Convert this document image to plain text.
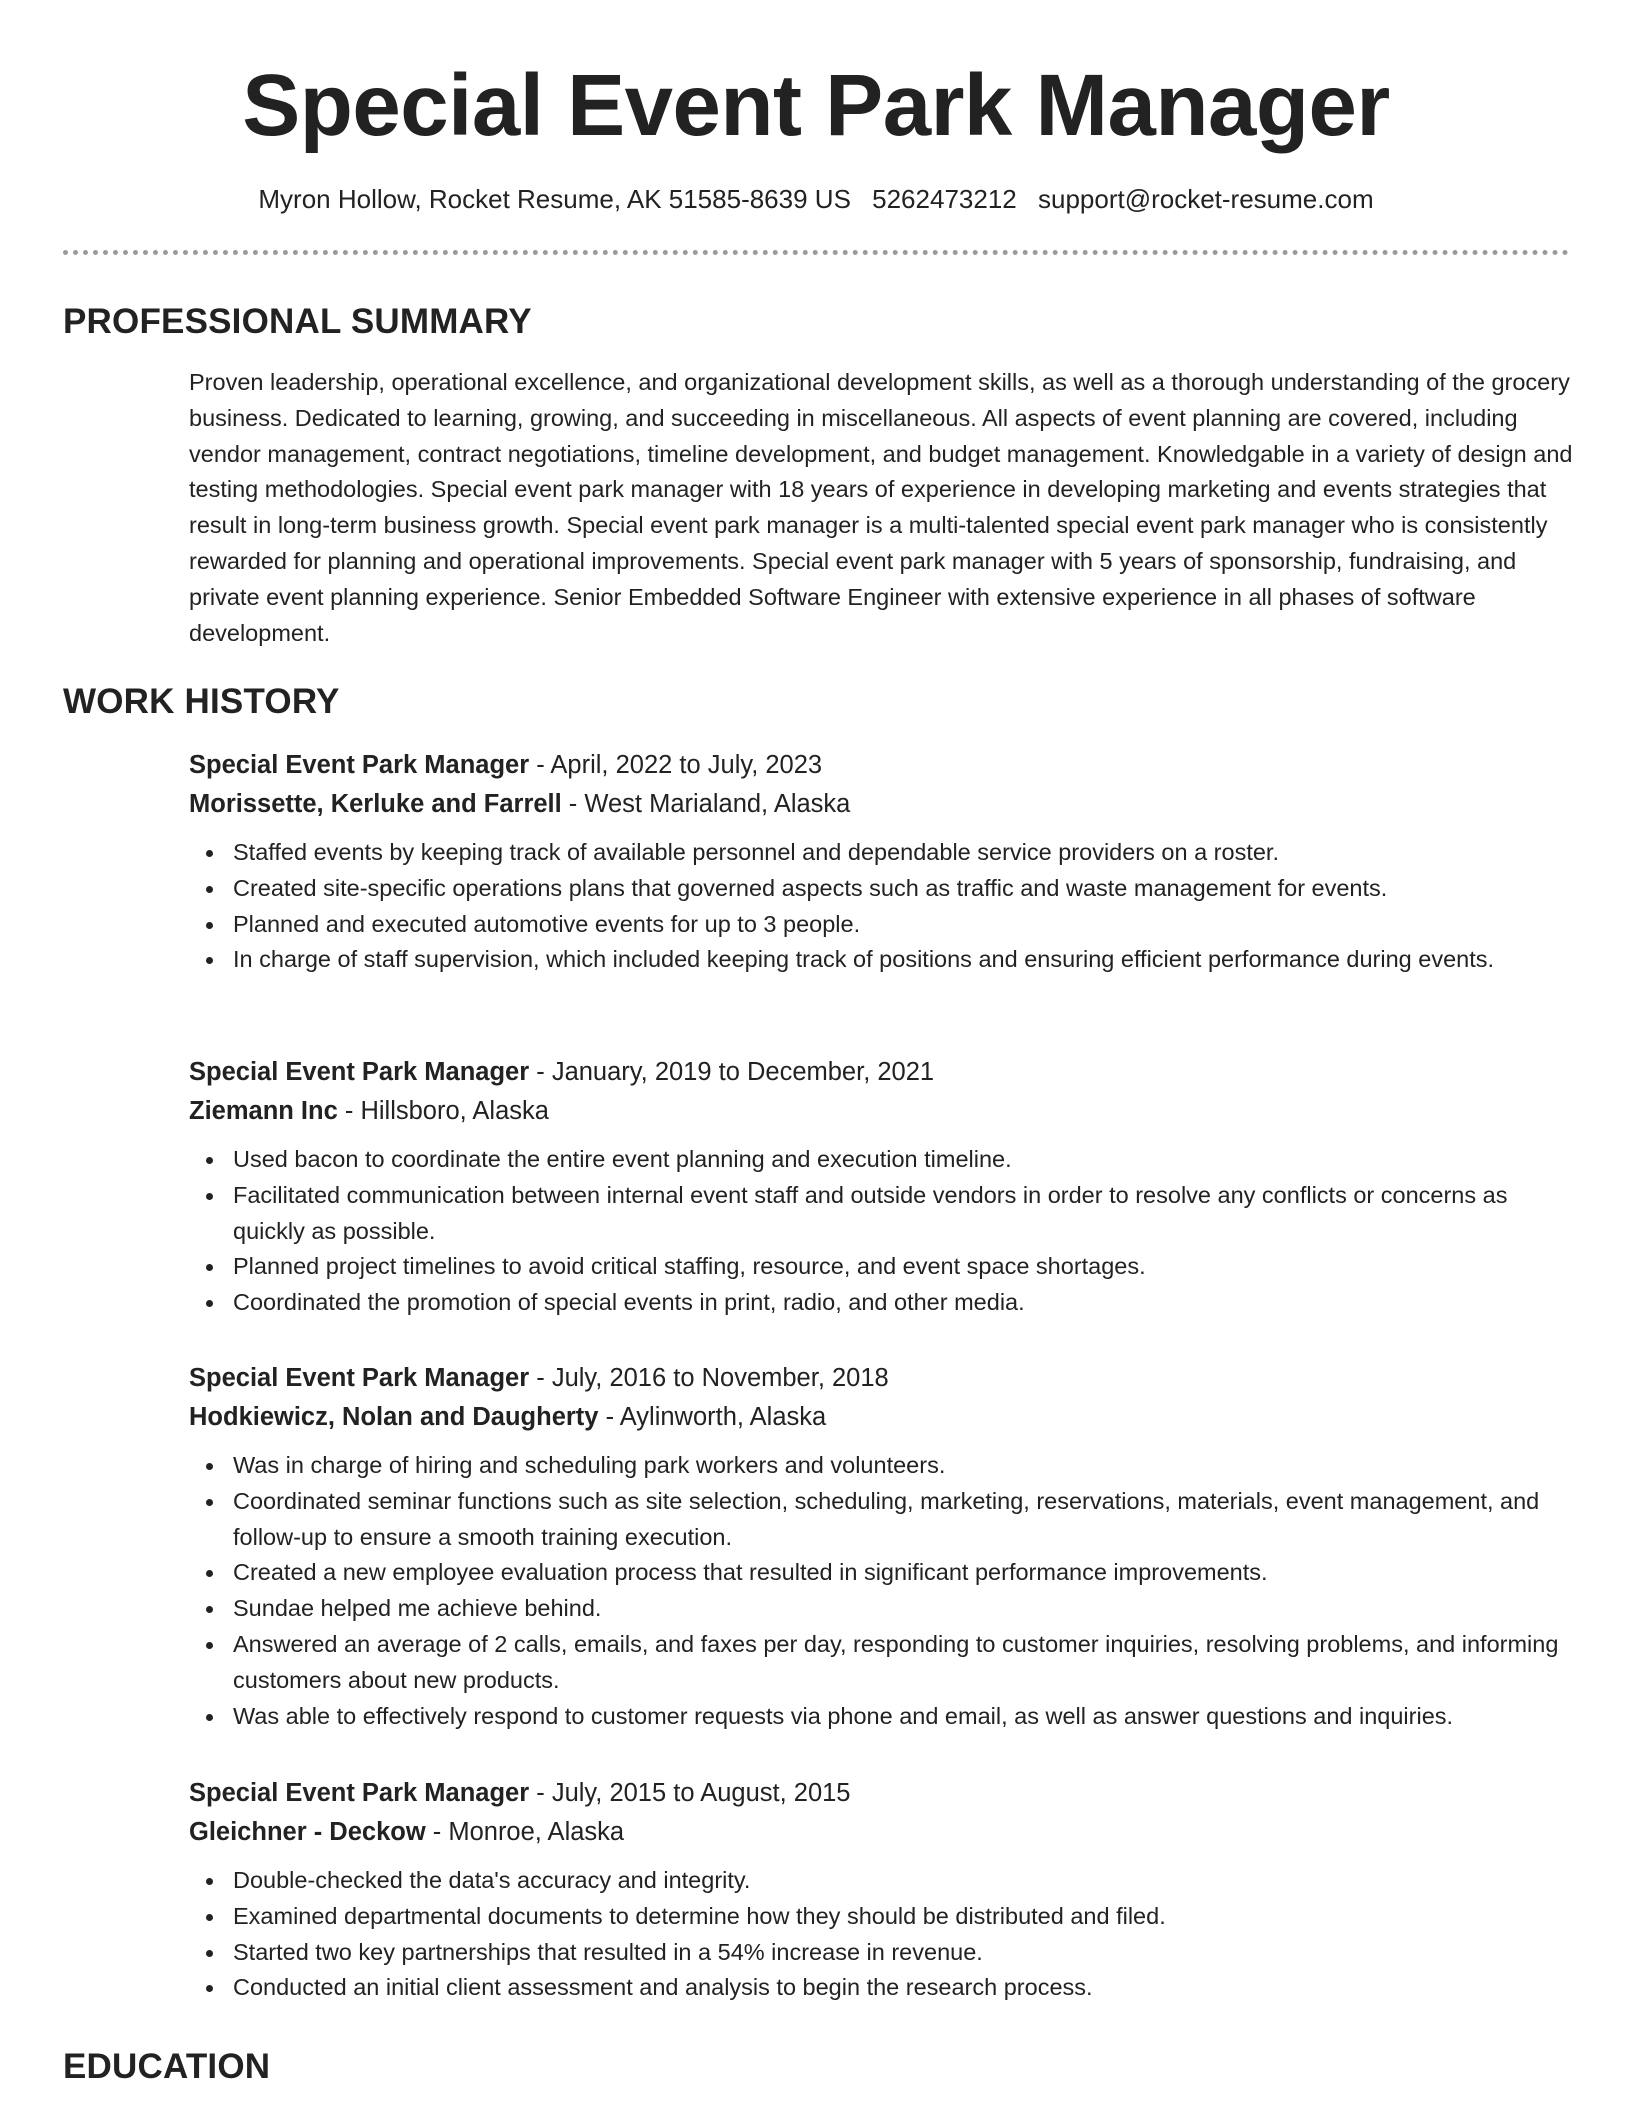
Special Event Park Manager
Myron Hollow, Rocket Resume, AK 51585-8639 US 5262473212 support@rocket-resume.com
PROFESSIONAL SUMMARY

Proven leadership, operational excellence, and organizational development skills, as well as a thorough understanding of the grocery business. Dedicated to learning, growing, and succeeding in miscellaneous. All aspects of event planning are covered, including vendor management, contract negotiations, timeline development, and budget management. Knowledgable in a variety of design and testing methodologies. Special event park manager with 18 years of experience in developing marketing and events strategies that result in long-term business growth. Special event park manager is a multi-talented special event park manager who is consistently rewarded for planning and operational improvements. Special event park manager with 5 years of sponsorship, fundraising, and private event planning experience. Senior Embedded Software Engineer with extensive experience in all phases of software development.

WORK HISTORY
Special Event Park Manager - April, 2022 to July, 2023
Morissette, Kerluke and Farrell - West Marialand, Alaska
Staffed events by keeping track of available personnel and dependable service providers on a roster.
Created site-specific operations plans that governed aspects such as traffic and waste management for events.
Planned and executed automotive events for up to 3 people.
In charge of staff supervision, which included keeping track of positions and ensuring efficient performance during events.
Special Event Park Manager - January, 2019 to December, 2021
Ziemann Inc - Hillsboro, Alaska
Used bacon to coordinate the entire event planning and execution timeline.
Facilitated communication between internal event staff and outside vendors in order to resolve any conflicts or concerns as quickly as possible.
Planned project timelines to avoid critical staffing, resource, and event space shortages.
Coordinated the promotion of special events in print, radio, and other media.
Special Event Park Manager - July, 2016 to November, 2018
Hodkiewicz, Nolan and Daugherty - Aylinworth, Alaska
Was in charge of hiring and scheduling park workers and volunteers.
Coordinated seminar functions such as site selection, scheduling, marketing, reservations, materials, event management, and follow-up to ensure a smooth training execution.
Created a new employee evaluation process that resulted in significant performance improvements.
Sundae helped me achieve behind.
Answered an average of 2 calls, emails, and faxes per day, responding to customer inquiries, resolving problems, and informing customers about new products.
Was able to effectively respond to customer requests via phone and email, as well as answer questions and inquiries.
Special Event Park Manager - July, 2015 to August, 2015
Gleichner - Deckow - Monroe, Alaska
Double-checked the data's accuracy and integrity.
Examined departmental documents to determine how they should be distributed and filed.
Started two key partnerships that resulted in a 54% increase in revenue.
Conducted an initial client assessment and analysis to begin the research process.
EDUCATION
